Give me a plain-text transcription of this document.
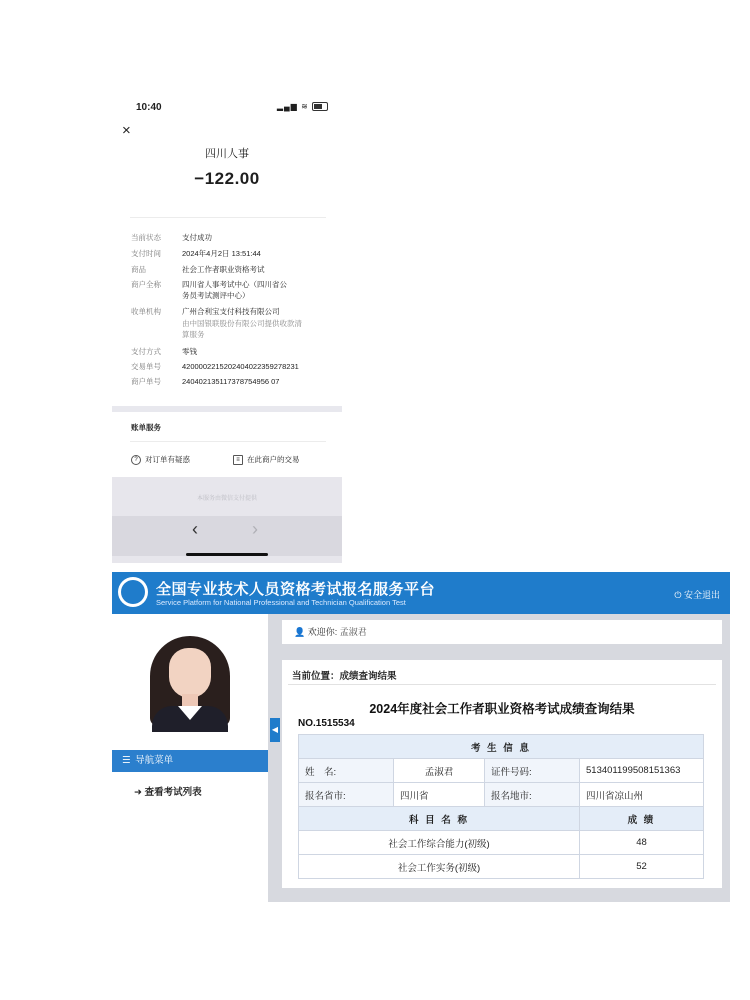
10:40	▂▄▆ ≋
×
四川人事
−122.00
当前状态	支付成功
支付时间	2024年4月2日 13:51:44
商品	社会工作者职业资格考试
商户全称	四川省人事考试中心（四川省公务员考试测评中心）
收单机构	广州合利宝支付科技有限公司
由中国银联股份有限公司提供收款清算服务
支付方式	零钱
交易单号	4200002215202404022359278231
商户单号	240402135117378754956 07
账单服务
? 对订单有疑惑	≡ 在此商户的交易
本服务由微信支付提供
‹	›
全国专业技术人员资格考试报名服务平台
Service Platform for National Professional and Technician Qualification Test
⏻ 安全退出
☰ 导航菜单
➜ 查看考试列表
◀
👤 欢迎你: 孟淑君
当前位置：成绩查询结果
2024年度社会工作者职业资格考试成绩查询结果
NO.1515534
考 生 信 息			
姓　名:	孟淑君	证件号码:	513401199508151363
报名省市:	四川省	报名地市:	四川省凉山州
科 目 名 称			成 绩
社会工作综合能力(初级)			48
社会工作实务(初级)			52
